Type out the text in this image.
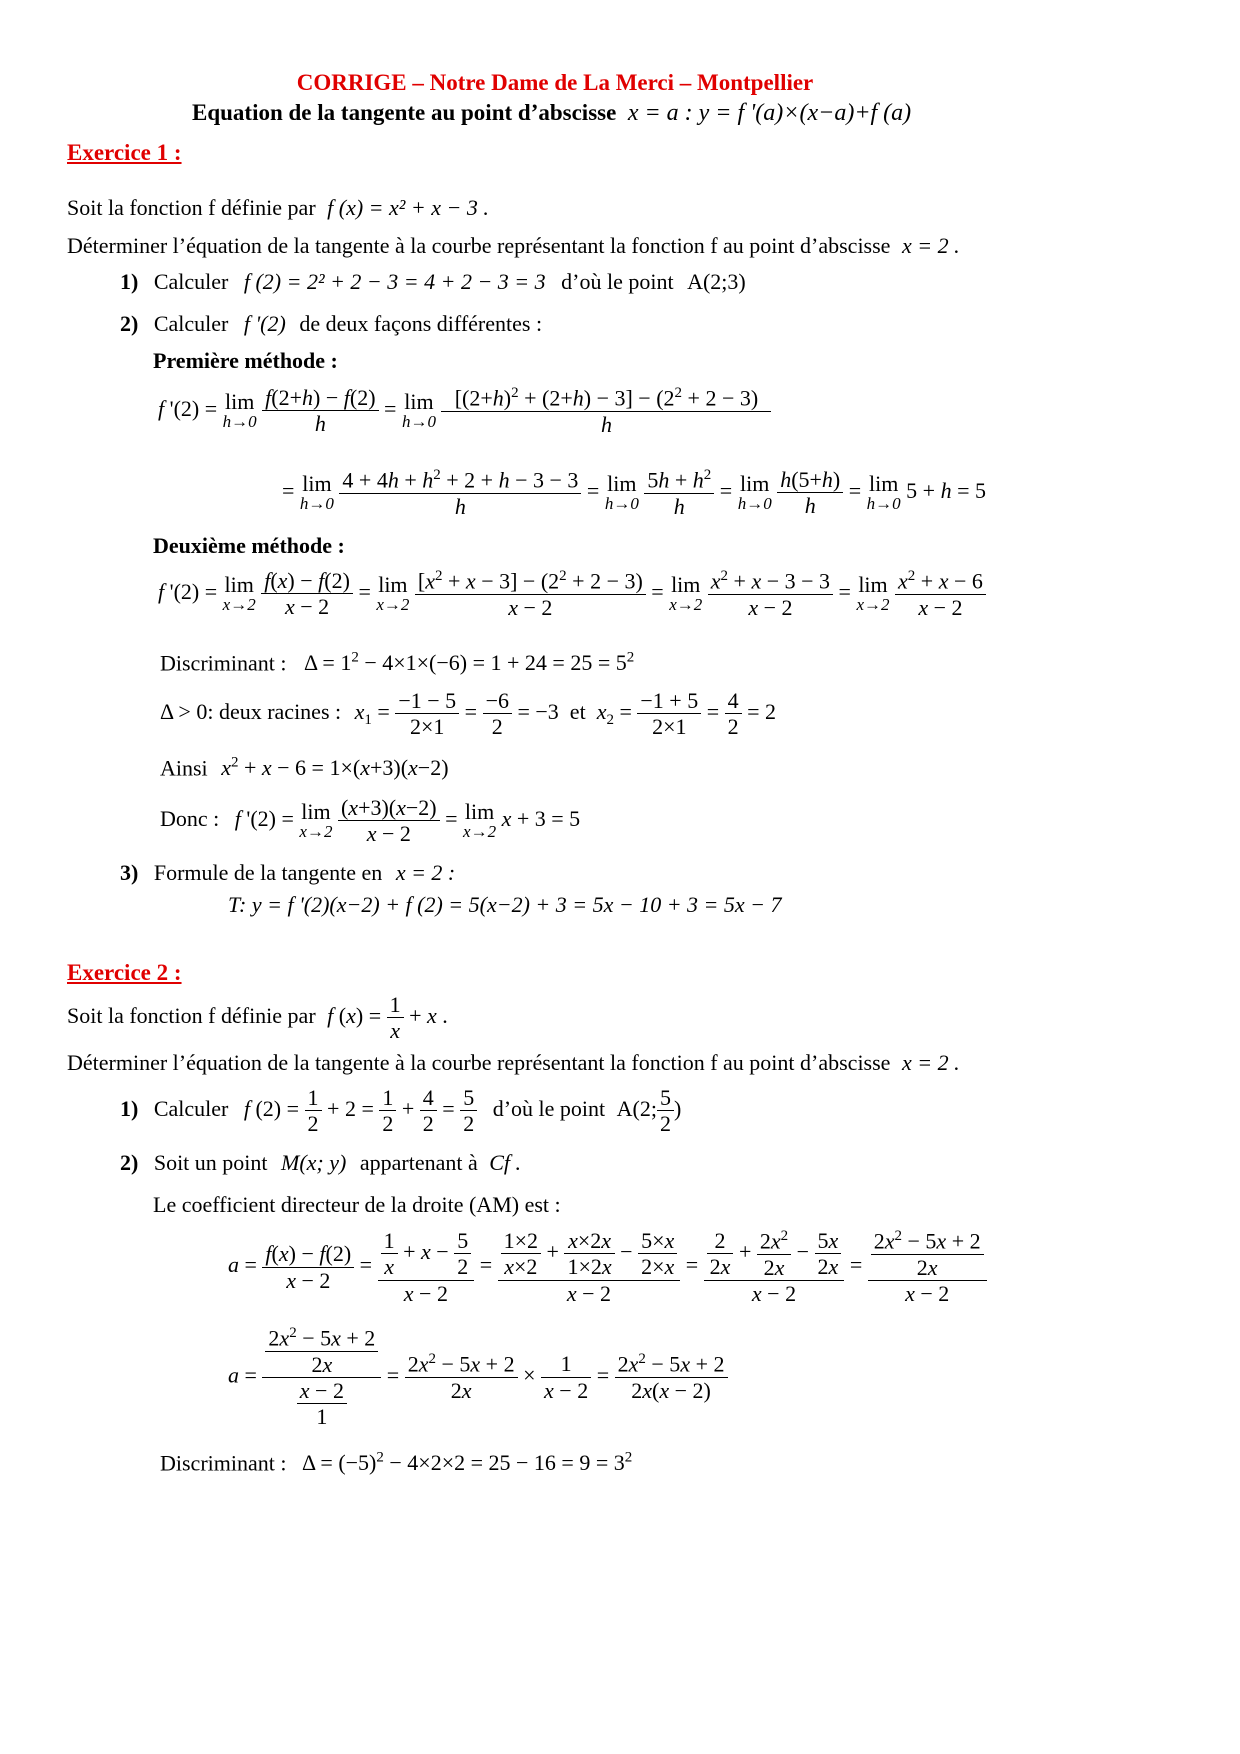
CORRIGE – Notre Dame de La Merci – Montpellier
Equation de la tangente au point d’abscisse x = a : y = f '(a)×(x−a)+f (a)
Exercice 1 :
Soit la fonction f définie par f (x) = x² + x − 3 .
Déterminer l’équation de la tangente à la courbe représentant la fonction f au point d’abscisse x = 2 .
1) Calculer f (2) = 2² + 2 − 3 = 4 + 2 − 3 = 3 d’où le point A(2;3)
2) Calculer f '(2) de deux façons différentes :
Première méthode :
f '(2) = lim
h→0
$\frac{f(2+h) - f(2)}{h} = \lim$
h→0
$\frac{[(2+h)^2 + (2+h) - 3] - (2^2 + 2 - 3)}{h}$
= lim
h→0
$\frac{4 + 4h + h^2 + 2 + h - 3 - 3}{h} = \lim$
h→0
$\frac{5h + h^2}{h} = \lim$
h→0
$\frac{h(5+h)}{h} = \lim$
h→0
5 + h = 5
Deuxième méthode :
f '(2) = lim
x→2
$\frac{f(x) - f(2)}{x - 2} = \lim$
x→2
$\frac{[x^2 + x - 3] - (2^2 + 2 - 3)}{x - 2} = \lim$
x→2
$\frac{x^2 + x - 3 - 3}{x - 2} = \lim$
x→2
$\frac{x^2 + x - 6}{x - 2}$
Discriminant : $\Delta = 1^2 - 4\times 1\times(-6) = 1 + 24 = 25 = 5^2$
Δ > 0: deux racines : $x_1 = \frac{-1 - 5}{2\times 1} = \frac{-6}{2} = -3$  et  $x_2 = \frac{-1 + 5}{2\times 1} = \frac{4}{2} = 2$
Ainsi $x^2 + x - 6 = 1\times(x+3)(x-2)$
Donc : f '(2) = lim
x→2
$\frac{(x+3)(x-2)}{x - 2} = \lim$
x→2
x + 3 = 5
3) Formule de la tangente en x = 2 :
T: y = f '(2)(x−2) + f (2) = 5(x−2) + 3 = 5x − 10 + 3 = 5x − 7
Exercice 2 :
Soit la fonction f définie par f $(x) = \frac{1}{x} + x$ .
Déterminer l’équation de la tangente à la courbe représentant la fonction f au point d’abscisse x = 2 .
1) Calculer f $(2) = \frac{1}{2} + 2 = \frac{1}{2} + \frac{4}{2} = \frac{5}{2}$ d’où le point A(2; $\frac{5}{2}$ )
2) Soit un point M(x; y) appartenant à Cf .
Le coefficient directeur de la droite (AM) est :
$a = \frac{f(x) - f(2)}{x - 2} = \frac{\frac{1}{x} + x - \frac{5}{2}}{x - 2} = \frac{\frac{1\times 2}{x\times 2} + \frac{x\times 2x}{1\times 2x} - \frac{5\times x}{2\times x}}{x - 2} = \frac{\frac{2}{2x} + \frac{2x^2}{2x} - \frac{5x}{2x}}{x - 2} = \frac{\frac{2x^2 - 5x + 2}{2x}}{x - 2}$
$a = \frac{\frac{2x^2 - 5x + 2}{2x}}{\frac{x - 2}{1}} = \frac{2x^2 - 5x + 2}{2x} \times \frac{1}{x - 2} = \frac{2x^2 - 5x + 2}{2x(x - 2)}$
Discriminant : $\Delta = (-5)^2 - 4\times 2\times 2 = 25 - 16 = 9 = 3^2$
